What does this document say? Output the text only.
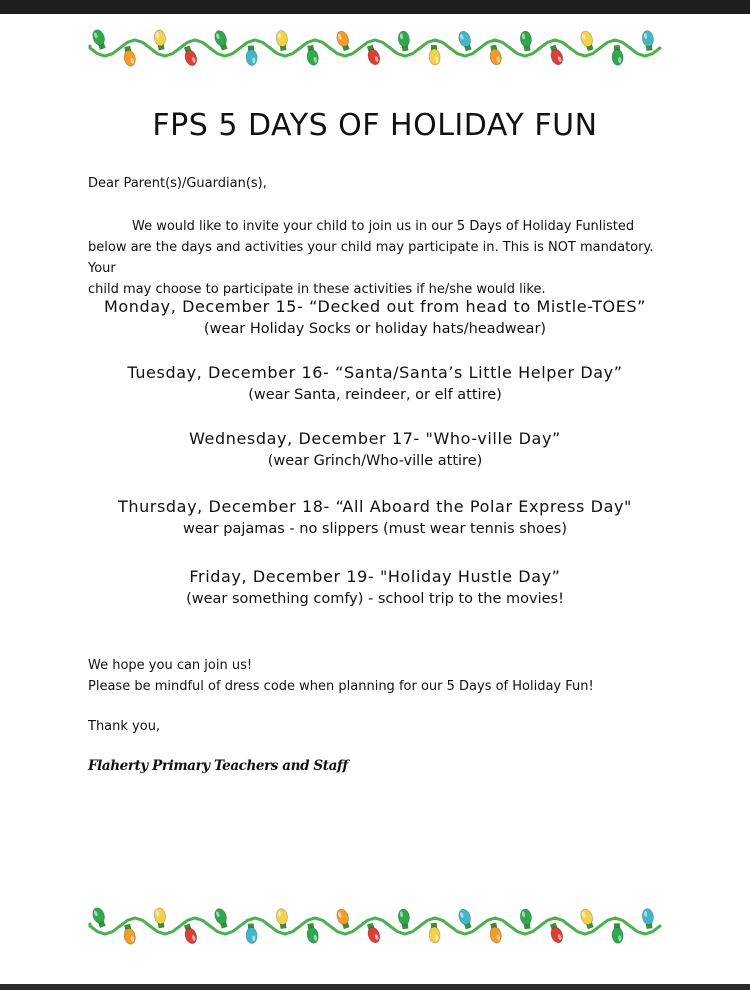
FPS 5 DAYS OF HOLIDAY FUN
Dear Parent(s)/Guardian(s),
We would like to invite your child to join us in our 5 Days of Holiday Funlisted
below are the days and activities your child may participate in. This is NOT mandatory. Your
child may choose to participate in these activities if he/she would like.
Monday, December 15- “Decked out from head to Mistle-TOES”
(wear Holiday Socks or holiday hats/headwear)
Tuesday, December 16- “Santa/Santa’s Little Helper Day”
(wear Santa, reindeer, or elf attire)
Wednesday, December 17- "Who-ville Day”
(wear Grinch/Who-ville attire)
Thursday, December 18- “All Aboard the Polar Express Day"
wear pajamas - no slippers (must wear tennis shoes)
Friday, December 19- "Holiday Hustle Day”
(wear something comfy) - school trip to the movies!
We hope you can join us!
Please be mindful of dress code when planning for our 5 Days of Holiday Fun!
Thank you,
Flaherty Primary Teachers and Staff
